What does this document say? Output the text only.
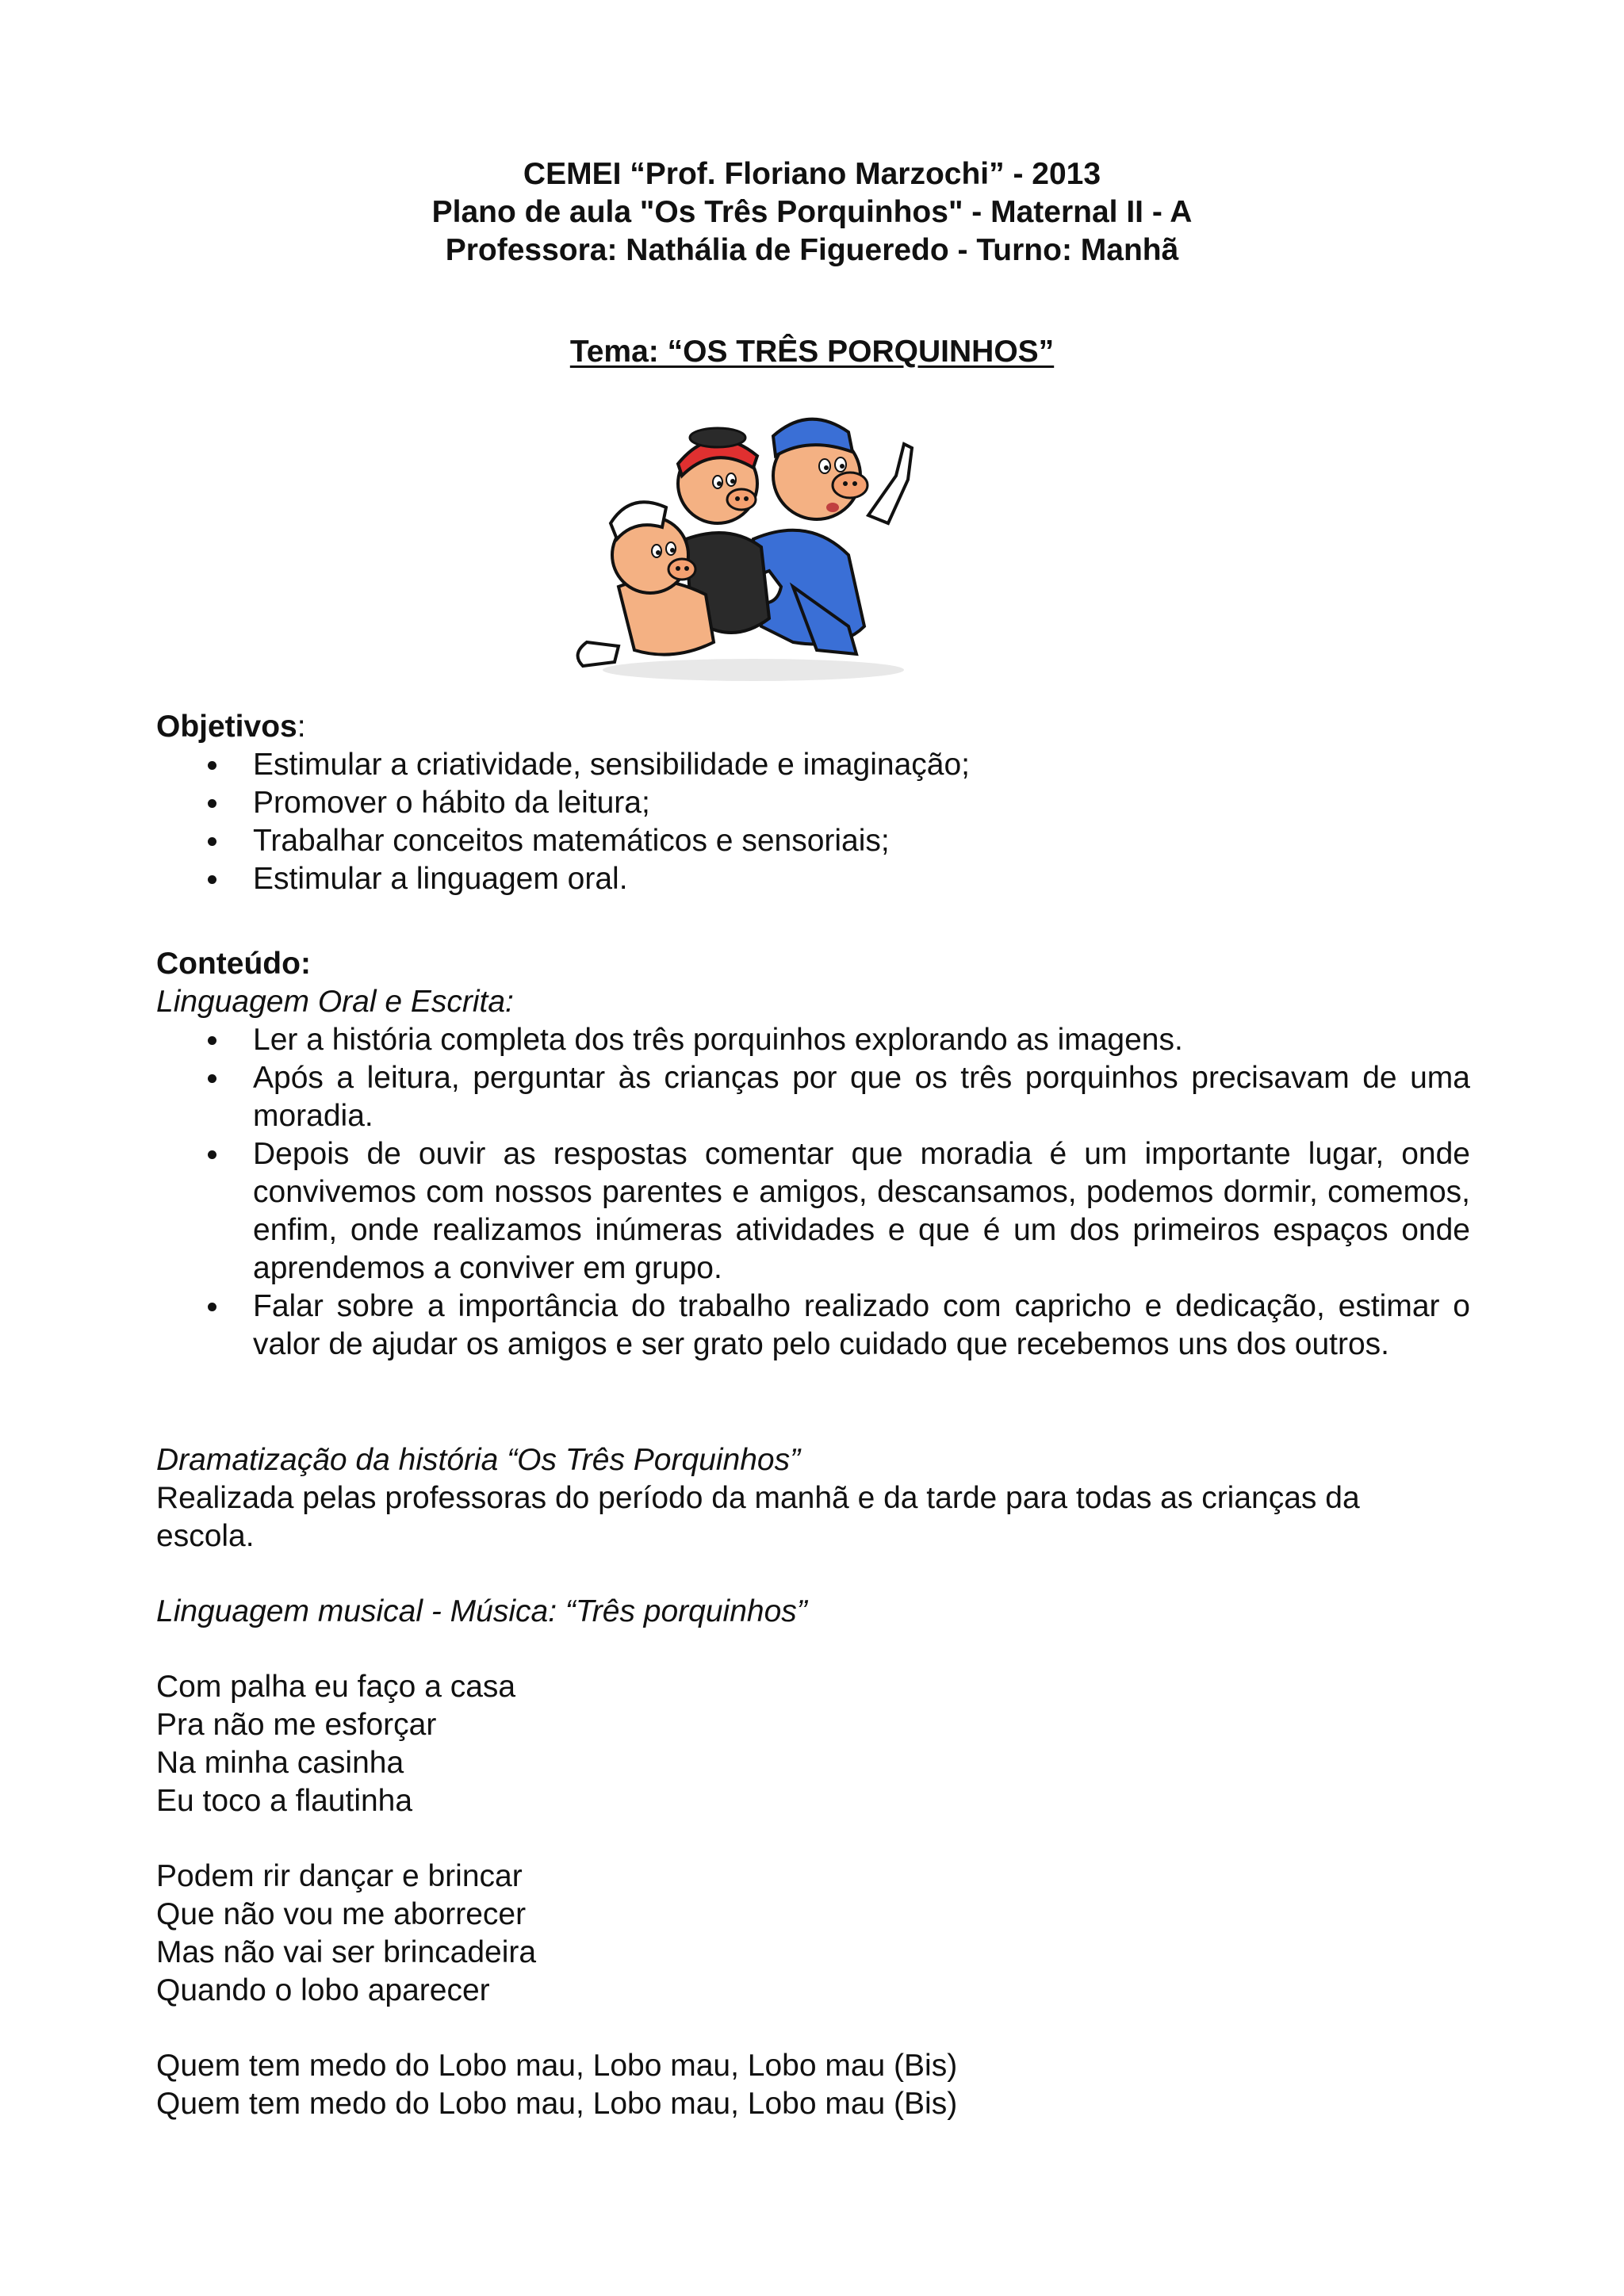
CEMEI “Prof. Floriano Marzochi” - 2013
Plano de aula "Os Três Porquinhos" - Maternal II - A
Professora: Nathália de Figueredo - Turno: Manhã
Tema: “OS TRÊS PORQUINHOS”
Objetivos:
Estimular a criatividade, sensibilidade e imaginação;
Promover o hábito da leitura;
Trabalhar conceitos matemáticos e sensoriais;
Estimular a linguagem oral.
Conteúdo:
Linguagem Oral e Escrita:
Ler a história completa dos três porquinhos explorando as imagens.
Após a leitura, perguntar às crianças por que os três porquinhos precisavam de uma moradia.
Depois de ouvir as respostas comentar que moradia é um importante lugar, onde convivemos com nossos parentes e amigos, descansamos, podemos dormir, comemos, enfim, onde realizamos inúmeras atividades e que é um dos primeiros espaços onde aprendemos a conviver em grupo.
Falar sobre a importância do trabalho realizado com capricho e dedicação, estimar o valor de ajudar os amigos e ser grato pelo cuidado que recebemos uns dos outros.
Dramatização da história “Os Três Porquinhos”
Realizada pelas professoras do período da manhã e da tarde para todas as crianças da escola.
Linguagem musical - Música: “Três porquinhos”
Com palha eu faço a casa
Pra não me esforçar
Na minha casinha
Eu toco a flautinha
Podem rir dançar e brincar
Que não vou me aborrecer
Mas não vai ser brincadeira
Quando o lobo aparecer
Quem tem medo do Lobo mau, Lobo mau, Lobo mau (Bis)
Quem tem medo do Lobo mau, Lobo mau, Lobo mau (Bis)
